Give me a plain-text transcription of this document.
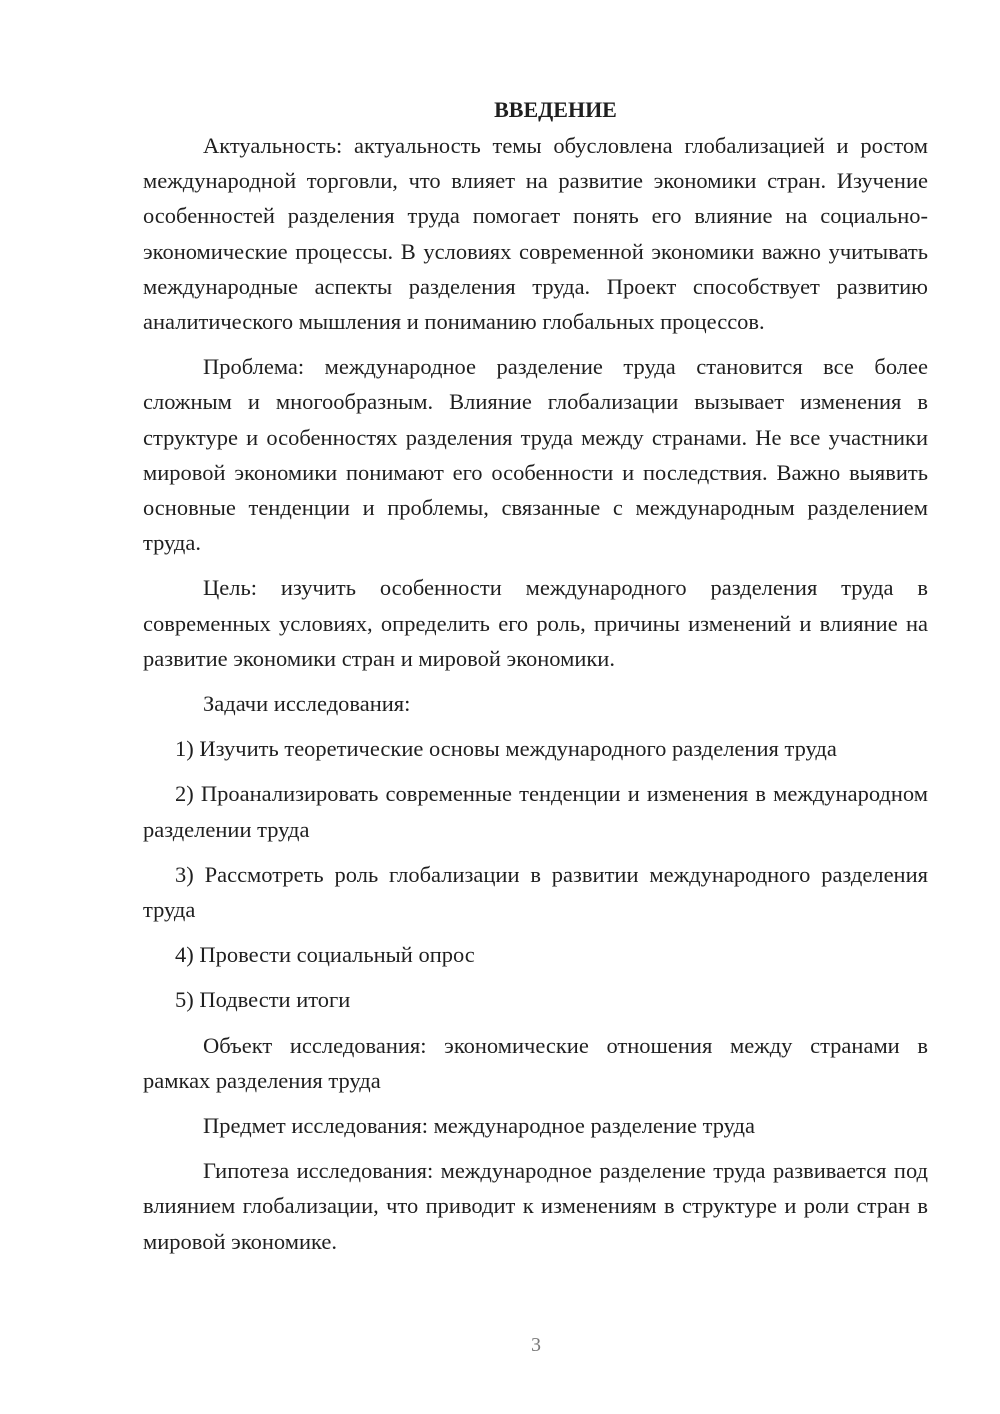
ВВЕДЕНИЕ

Актуальность: актуальность темы обусловлена глобализацией и ростом международной торговли, что влияет на развитие экономики стран. Изучение особенностей разделения труда помогает понять его влияние на социально-экономические процессы. В условиях современной экономики важно учитывать международные аспекты разделения труда. Проект способствует развитию аналитического мышления и пониманию глобальных процессов.

Проблема: международное разделение труда становится все более сложным и многообразным. Влияние глобализации вызывает изменения в структуре и особенностях разделения труда между странами. Не все участники мировой экономики понимают его особенности и последствия. Важно выявить основные тенденции и проблемы, связанные с международным разделением труда.

Цель: изучить особенности международного разделения труда в современных условиях, определить его роль, причины изменений и влияние на развитие экономики стран и мировой экономики.

Задачи исследования:

1) Изучить теоретические основы международного разделения труда

2) Проанализировать современные тенденции и изменения в международном разделении труда

3) Рассмотреть роль глобализации в развитии международного разделения труда

4) Провести социальный опрос

5) Подвести итоги

Объект исследования: экономические отношения между странами в рамках разделения труда

Предмет исследования: международное разделение труда

Гипотеза исследования: международное разделение труда развивается под влиянием глобализации, что приводит к изменениям в структуре и роли стран в мировой экономике.

3
